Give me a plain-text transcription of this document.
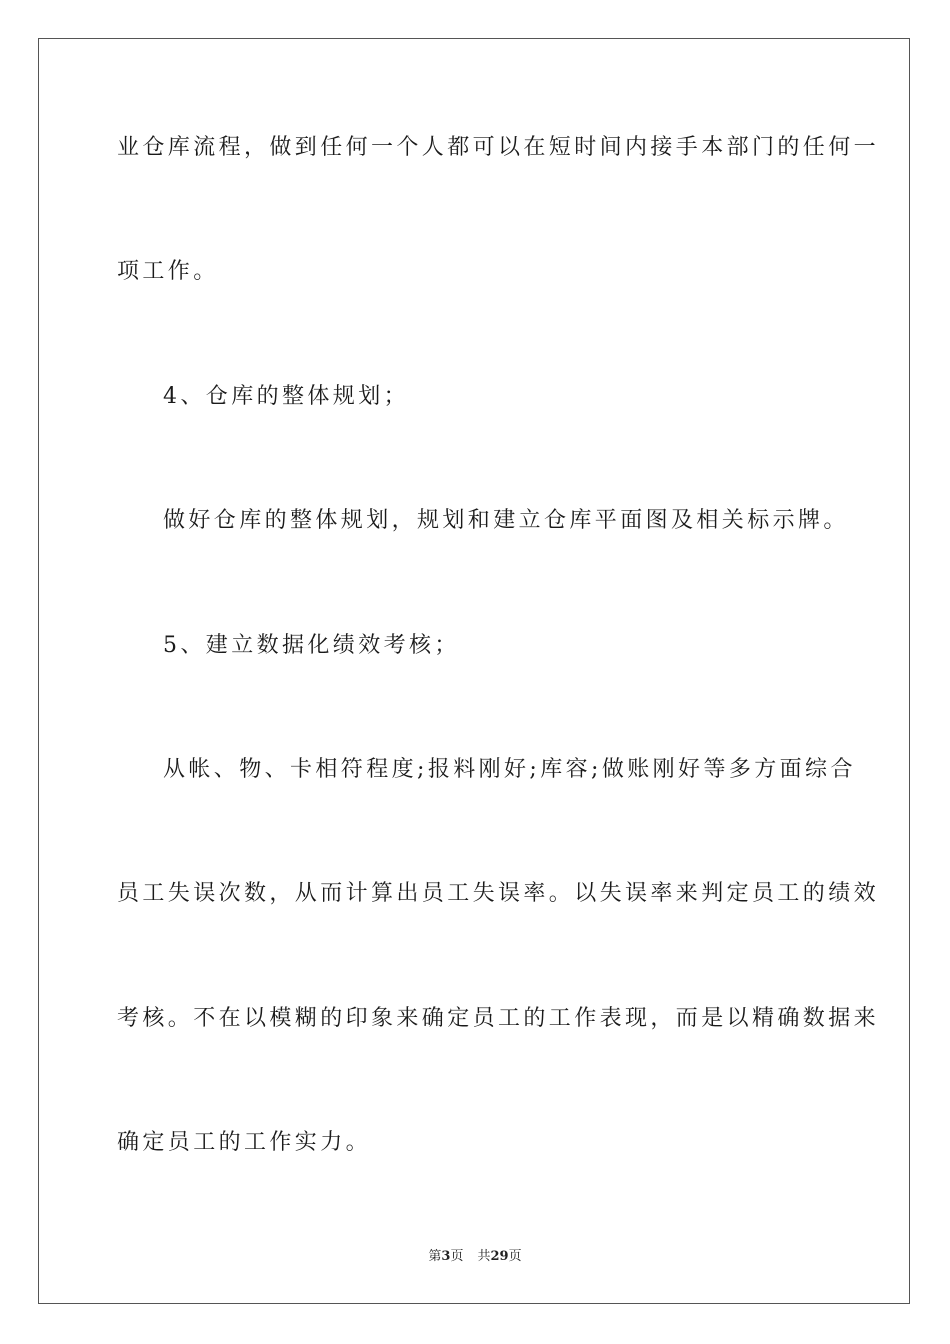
业仓库流程，做到任何一个人都可以在短时间内接手本部门的任何一
项工作。
4、仓库的整体规划；
做好仓库的整体规划，规划和建立仓库平面图及相关标示牌。
5、建立数据化绩效考核；
从帐、物、卡相符程度;报料刚好;库容;做账刚好等多方面综合
员工失误次数，从而计算出员工失误率。以失误率来判定员工的绩效
考核。不在以模糊的印象来确定员工的工作表现，而是以精确数据来
确定员工的工作实力。
第3页 共29页
